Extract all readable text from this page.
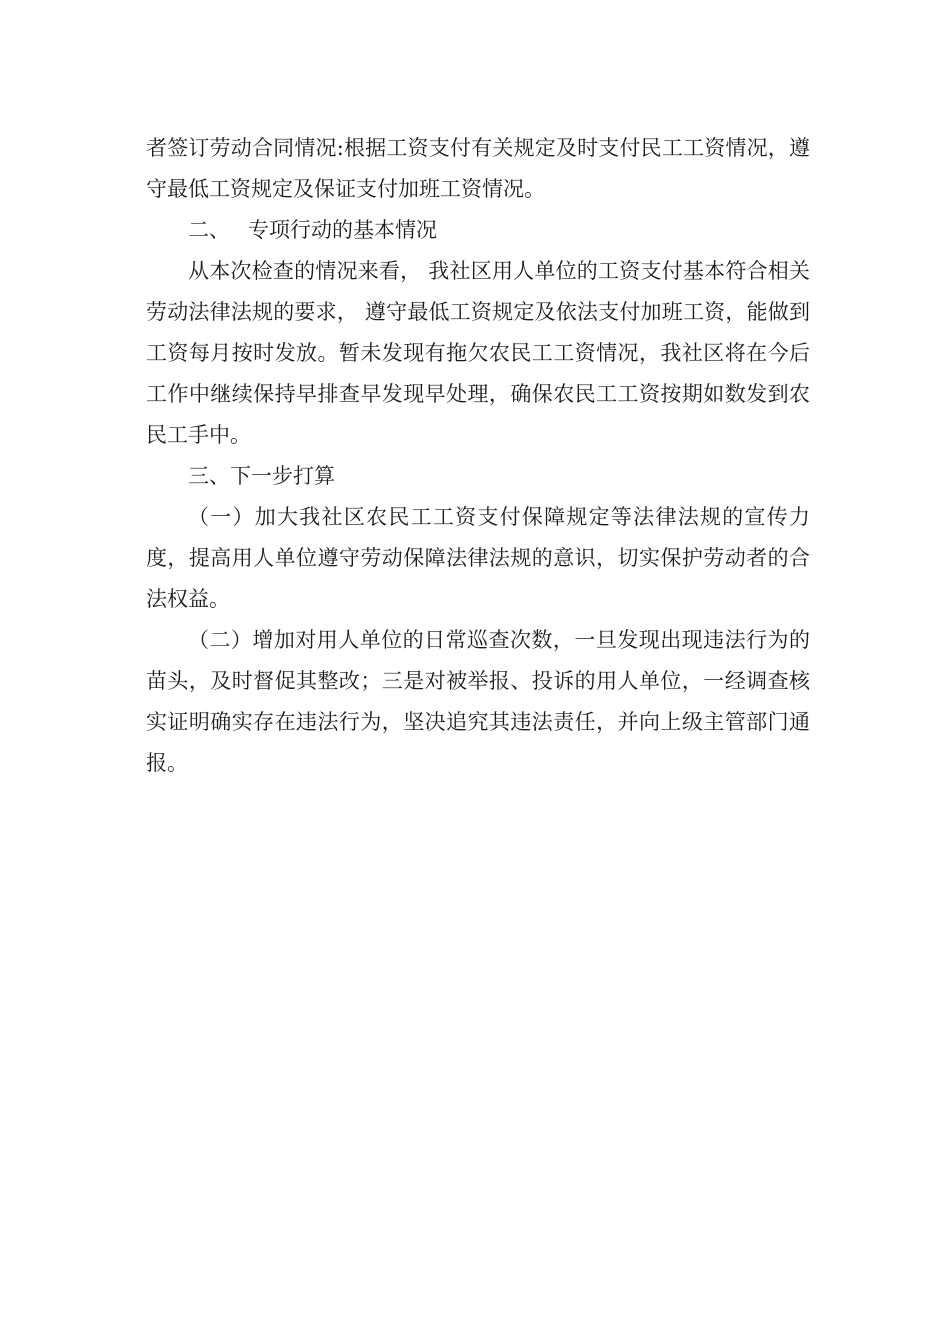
者签订劳动合同情况:根据工资支付有关规定及时支付民工工资情况，遵守最低工资规定及保证支付加班工资情况。

二、 专项行动的基本情况

从本次检查的情况来看， 我社区用人单位的工资支付基本符合相关劳动法律法规的要求， 遵守最低工资规定及依法支付加班工资，能做到工资每月按时发放。暂未发现有拖欠农民工工资情况，我社区将在今后工作中继续保持早排查早发现早处理，确保农民工工资按期如数发到农民工手中。

三、下一步打算

（一）加大我社区农民工工资支付保障规定等法律法规的宣传力度，提高用人单位遵守劳动保障法律法规的意识，切实保护劳动者的合法权益。

（二）增加对用人单位的日常巡查次数，一旦发现出现违法行为的苗头，及时督促其整改；三是对被举报、投诉的用人单位，一经调查核实证明确实存在违法行为，坚决追究其违法责任，并向上级主管部门通报。
